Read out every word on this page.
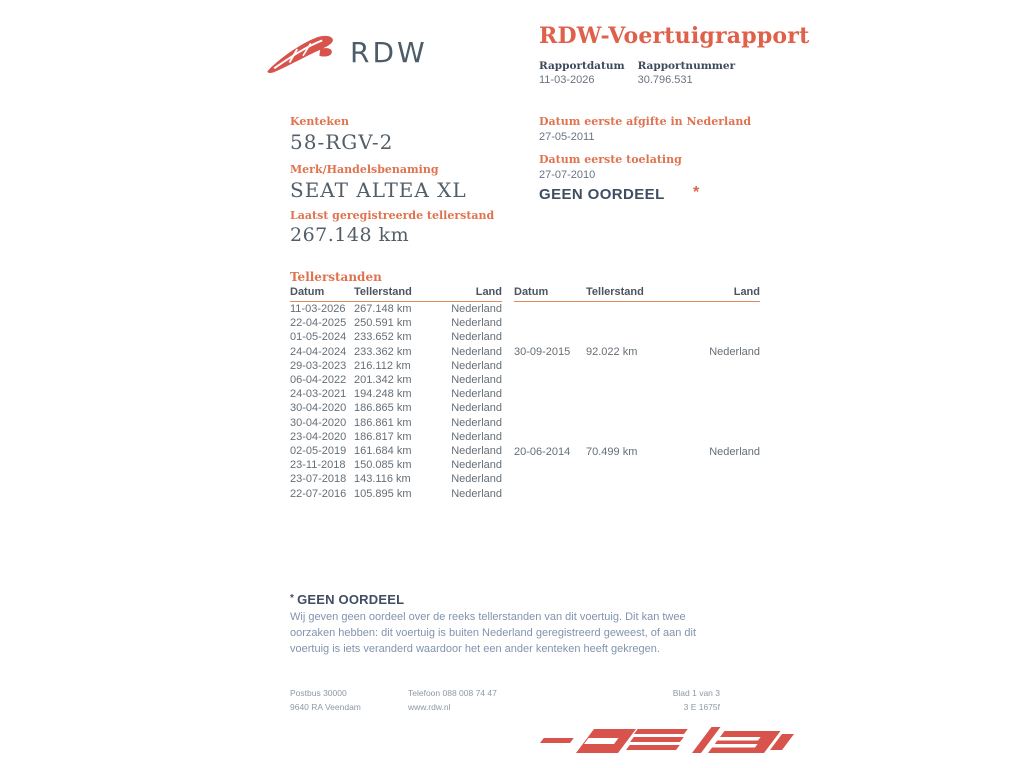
RDW	RDW-Voertuigrapport
Rapportdatum
11-03-2026
Rapportnummer
30.796.531
Kenteken
58-RGV-2
Merk/Handelsbenaming
SEAT ALTEA XL
Datum eerste afgifte in Nederland
27-05-2011
Datum eerste toelating
27-07-2010
GEEN OORDEEL *
Laatst geregistreerde tellerstand
267.148 km
Tellerstanden
Datum	Tellerstand	Land
11-03-2026	267.148 km	Nederland
22-04-2025	250.591 km	Nederland
01-05-2024	233.652 km	Nederland
24-04-2024	233.362 km	Nederland
29-03-2023	216.112 km	Nederland
06-04-2022	201.342 km	Nederland
24-03-2021	194.248 km	Nederland
30-04-2020	186.865 km	Nederland
30-04-2020	186.861 km	Nederland
23-04-2020	186.817 km	Nederland
02-05-2019	161.684 km	Nederland
23-11-2018	150.085 km	Nederland
23-07-2018	143.116 km	Nederland
22-07-2016	105.895 km	Nederland
Datum	Tellerstand	Land
30-09-2015	92.022 km	Nederland
20-06-2014	70.499 km	Nederland
* GEEN OORDEEL
Wij geven geen oordeel over de reeks tellerstanden van dit voertuig. Dit kan twee oorzaken hebben: dit voertuig is buiten Nederland geregistreerd geweest, of aan dit voertuig is iets veranderd waardoor het een ander kenteken heeft gekregen.
Postbus 30000
9640 RA Veendam
Telefoon 088 008 74 47
www.rdw.nl
Blad 1 van 3
3 E 1675f
